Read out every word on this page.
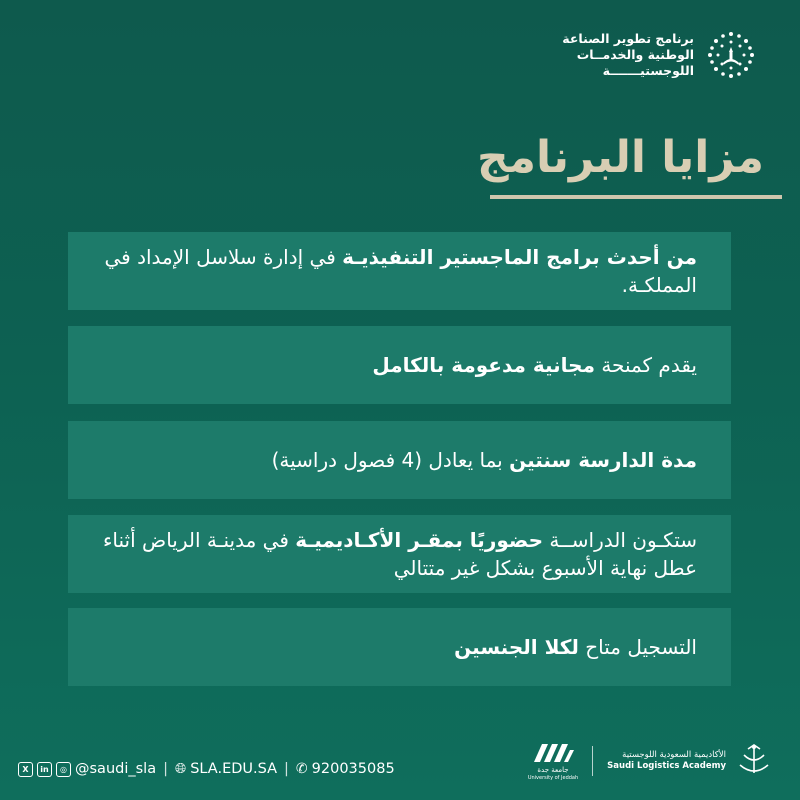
برنامج تطوير الصناعة
الوطنية والخدمــات
اللوجستيـــــــة
مزايا البرنامج

من أحدث برامج الماجستير التنفيذيـة في إدارة سلاسل الإمداد في المملكـة.

يقدم كمنحة مجانية مدعومة بالكامل

مدة الدارسة سنتين بما يعادل (4 فصول دراسية)

ستكـون الدراســة حضوريًا بمقـر الأكـاديميـة في مدينـة الرياض أثناء عطل نهاية الأسبوع بشكل غير متتالي

التسجيل متاح لكلا الجنسين

X	in	◎ @saudi_sla | 🌐︎ SLA.EDU.SA | ✆ 920035085	جامعة جدة
University of Jeddah
الأكاديمية السعودية اللوجستية
Saudi Logistics Academy
